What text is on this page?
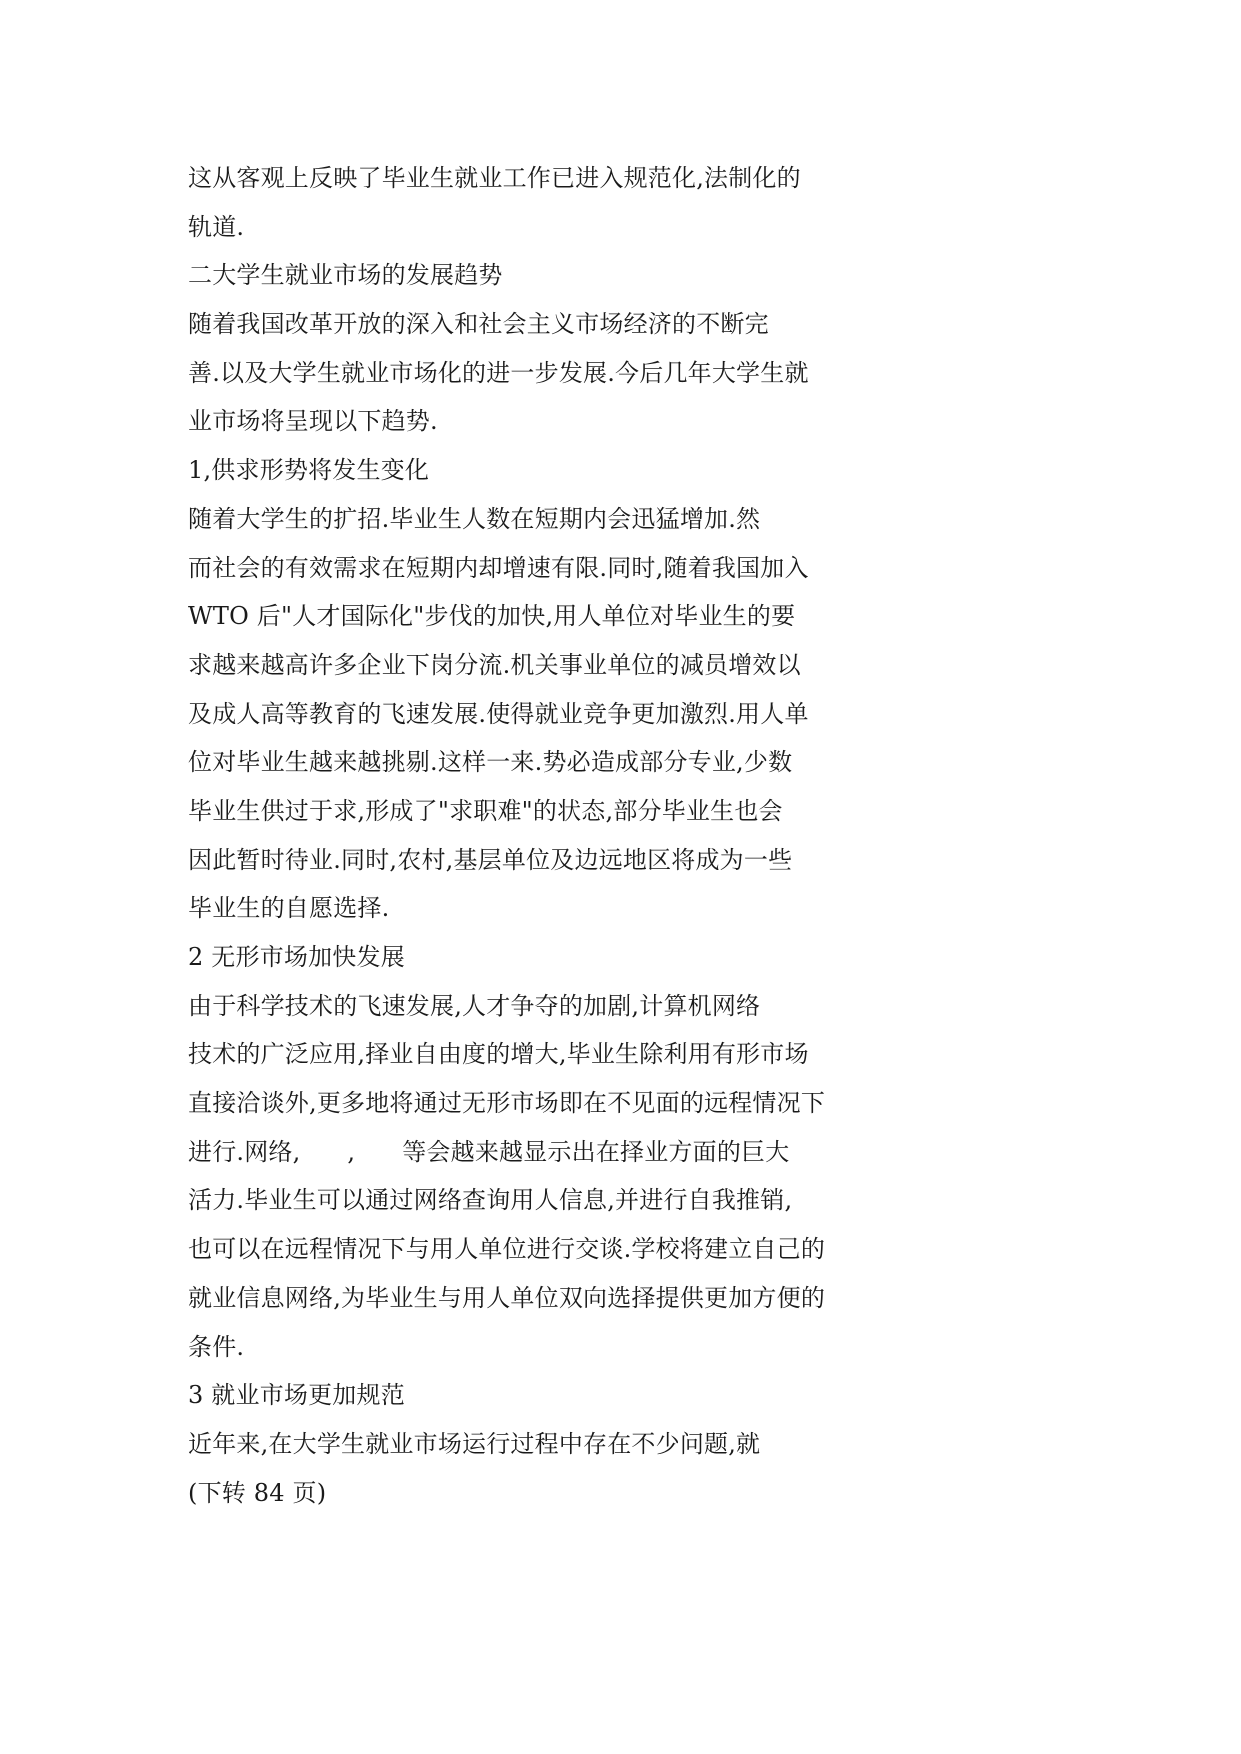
这从客观上反映了毕业生就业工作已进入规范化,法制化的
轨道.
二大学生就业市场的发展趋势
随着我国改革开放的深入和社会主义市场经济的不断完
善.以及大学生就业市场化的进一步发展.今后几年大学生就
业市场将呈现以下趋势.
1,供求形势将发生变化
随着大学生的扩招.毕业生人数在短期内会迅猛增加.然
而社会的有效需求在短期内却增速有限.同时,随着我国加入
WTO 后"人才国际化"步伐的加快,用人单位对毕业生的要
求越来越高许多企业下岗分流.机关事业单位的减员增效以
及成人高等教育的飞速发展.使得就业竞争更加激烈.用人单
位对毕业生越来越挑剔.这样一来.势必造成部分专业,少数
毕业生供过于求,形成了"求职难"的状态,部分毕业生也会
因此暂时待业.同时,农村,基层单位及边远地区将成为一些
毕业生的自愿选择.
2 无形市场加快发展
由于科学技术的飞速发展,人才争夺的加剧,计算机网络
技术的广泛应用,择业自由度的增大,毕业生除利用有形市场
直接洽谈外,更多地将通过无形市场即在不见面的远程情况下
进行.网络,      ,      等会越来越显示出在择业方面的巨大
活力.毕业生可以通过网络查询用人信息,并进行自我推销,
也可以在远程情况下与用人单位进行交谈.学校将建立自己的
就业信息网络,为毕业生与用人单位双向选择提供更加方便的
条件.
3 就业市场更加规范
近年来,在大学生就业市场运行过程中存在不少问题,就
(下转 84 页)
